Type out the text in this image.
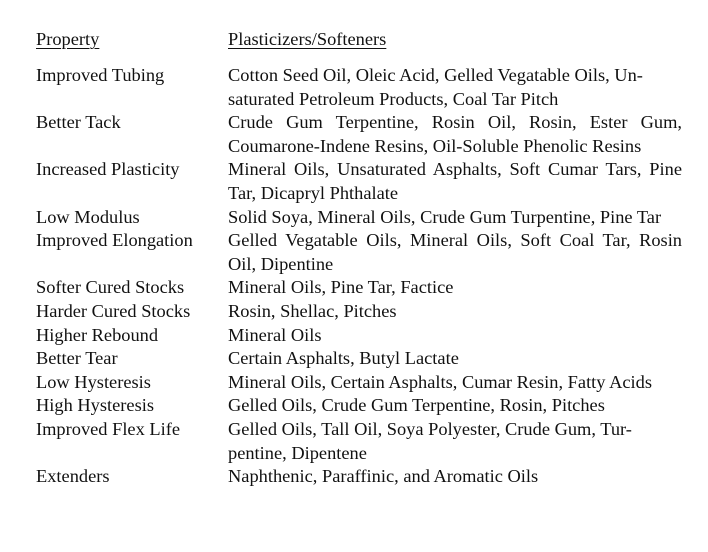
Property	Plasticizers/Softeners
Improved Tubing	Cotton Seed Oil, Oleic Acid, Gelled Vegatable Oils, Un-
saturated Petroleum Products, Coal Tar Pitch
Better Tack	Crude Gum Terpentine, Rosin Oil, Rosin, Ester Gum, Coumarone-Indene Resins, Oil-Soluble Phenolic Resins
Increased Plasticity	Mineral Oils, Unsaturated Asphalts, Soft Cumar Tars, Pine Tar, Dicapryl Phthalate
Low Modulus	Solid Soya, Mineral Oils, Crude Gum Turpentine, Pine Tar
Improved Elongation	Gelled Vegatable Oils, Mineral Oils, Soft Coal Tar, Rosin Oil, Dipentine
Softer Cured Stocks	Mineral Oils, Pine Tar, Factice
Harder Cured Stocks	Rosin, Shellac, Pitches
Higher Rebound	Mineral Oils
Better Tear	Certain Asphalts, Butyl Lactate
Low Hysteresis	Mineral Oils, Certain Asphalts, Cumar Resin, Fatty Acids
High Hysteresis	Gelled Oils, Crude Gum Terpentine, Rosin, Pitches
Improved Flex Life	Gelled Oils, Tall Oil, Soya Polyester, Crude Gum, Tur-
pentine, Dipentene
Extenders	Naphthenic, Paraffinic, and Aromatic Oils
